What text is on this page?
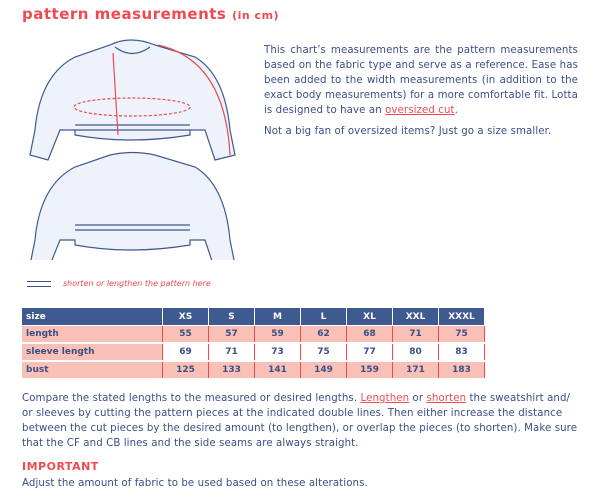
pattern measurements (in cm)
This chart’s measurements are the pattern measurements based on the fabric type and serve as a reference. Ease has been added to the width measurements (in addition to the exact body measurements) for a more comfortable fit. Lotta is designed to have an oversized cut.
Not a big fan of oversized items? Just go a size smaller.
shorten or lengthen the pattern here
size	XS	S	M	L	XL	XXL	XXXL
length	55	57	59	62	68	71	75
sleeve length	69	71	73	75	77	80	83
bust	125	133	141	149	159	171	183
Compare the stated lengths to the measured or desired lengths. Lengthen or shorten the sweatshirt and/ or sleeves by cutting the pattern pieces at the indicated double lines. Then either increase the distance between the cut pieces by the desired amount (to lengthen), or overlap the pieces (to shorten). Make sure that the CF and CB lines and the side seams are always straight.
IMPORTANT
Adjust the amount of fabric to be used based on these alterations.
